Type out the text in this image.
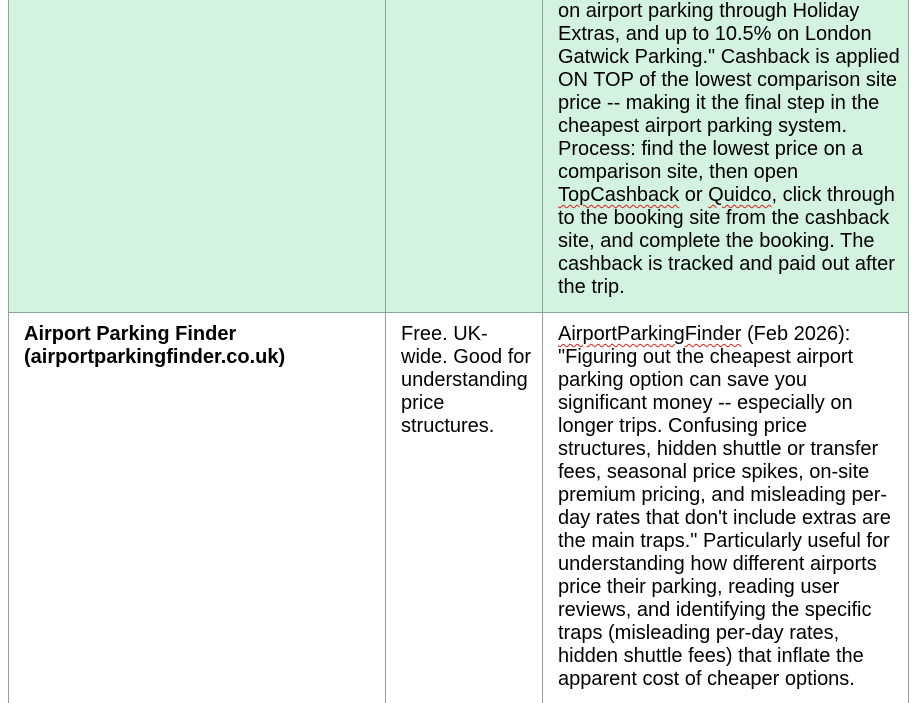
on airport parking through Holiday Extras, and up to 10.5% on London Gatwick Parking." Cashback is applied ON TOP of the lowest comparison site price -- making it the final step in the cheapest airport parking system. Process: find the lowest price on a comparison site, then open TopCashback or Quidco, click through to the booking site from the cashback site, and complete the booking. The cashback is tracked and paid out after the trip.
Airport Parking Finder (airportparkingfinder.co.uk)
Free. UK-wide. Good for understanding price structures.
AirportParkingFinder (Feb 2026): "Figuring out the cheapest airport parking option can save you significant money -- especially on longer trips. Confusing price structures, hidden shuttle or transfer fees, seasonal price spikes, on-site premium pricing, and misleading per-day rates that don't include extras are the main traps." Particularly useful for understanding how different airports price their parking, reading user reviews, and identifying the specific traps (misleading per-day rates, hidden shuttle fees) that inflate the apparent cost of cheaper options.
